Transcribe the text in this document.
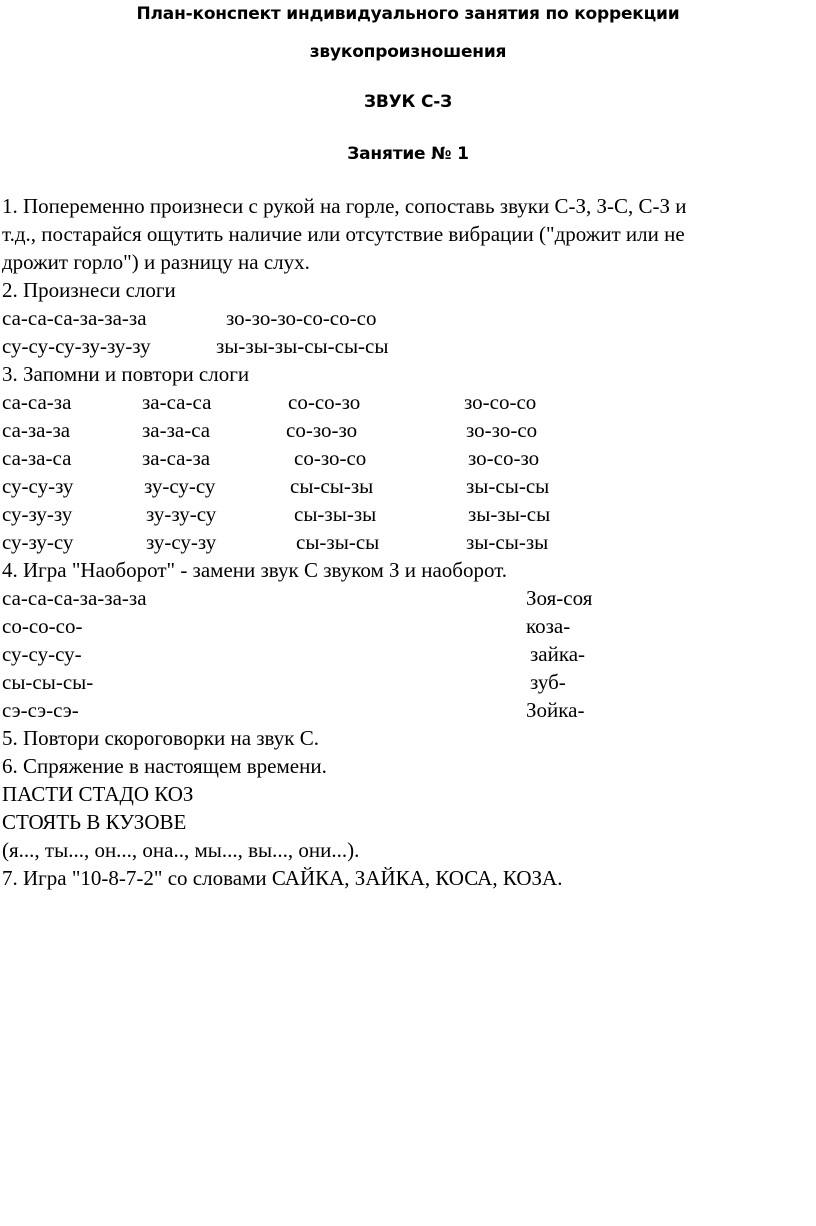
План-конспект индивидуального занятия по коррекции
звукопроизношения
ЗВУК С-З
Занятие № 1
1. Попеременно произнеси с рукой на горле, сопоставь звуки С-З, З-С, С-З и
т.д., постарайся ощутить наличие или отсутствие вибрации ("дрожит или не
дрожит горло") и разницу на слух.
2. Произнеси слоги
са-са-са-за-за-за	зо-зо-зо-со-со-со
су-су-су-зу-зу-зу	зы-зы-зы-сы-сы-сы
3. Запомни и повтори слоги
са-са-за	за-са-са	со-со-зо	зо-со-со
са-за-за	за-за-са	со-зо-зо	зо-зо-со
са-за-са	за-са-за	со-зо-со	зо-со-зо
су-су-зу	зу-су-су	сы-сы-зы	зы-сы-сы
су-зу-зу	зу-зу-су	сы-зы-зы	зы-зы-сы
су-зу-су	зу-су-зу	сы-зы-сы	зы-сы-зы
4. Игра "Наоборот" - замени звук С звуком З и наоборот.
са-са-са-за-за-за	Зоя-соя
со-со-со-	коза-
су-су-су-	зайка-
сы-сы-сы-	зуб-
сэ-сэ-сэ-	Зойка-
5. Повтори скороговорки на звук С.
6. Спряжение в настоящем времени.
ПАСТИ СТАДО КОЗ
СТОЯТЬ В КУЗОВЕ
(я..., ты..., он..., она.., мы..., вы..., они...).
7. Игра "10-8-7-2" со словами САЙКА, ЗАЙКА, КОСА, КОЗА.
